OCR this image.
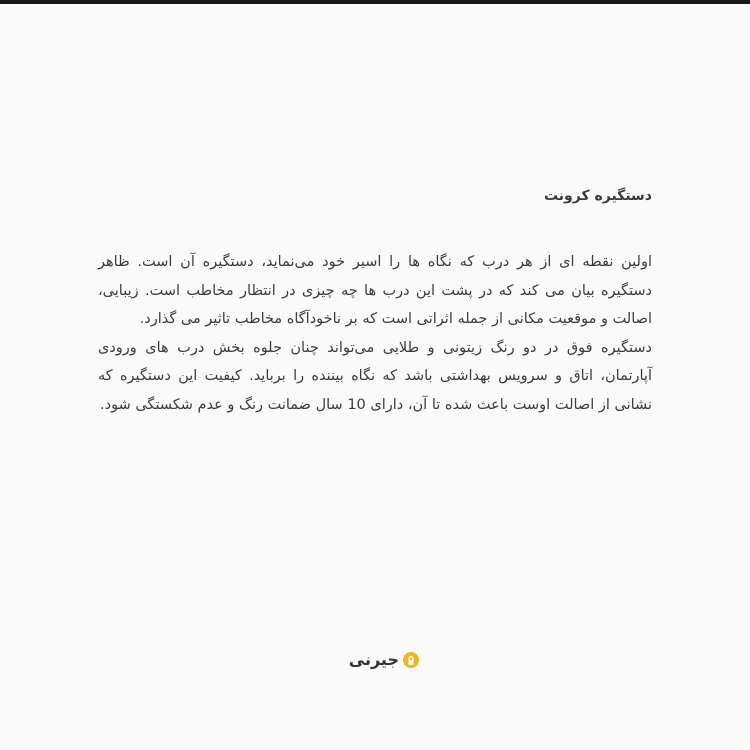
دستگیره کرونت

اولین نقطه ای از هر درب که نگاه ها را اسیر خود می‌نماید، دستگیره آن است. ظاهر دستگیره بیان می کند که در پشت این درب ها چه چیزی در انتظار مخاطب است. زیبایی، اصالت و موقعیت مکانی از جمله اثراتی است که بر ناخودآگاه مخاطب تاثیر می گذارد.

دستگیره فوق در دو رنگ زیتونی و طلایی می‌تواند چنان جلوه بخش درب های ورودی آپارتمان، اتاق و سرویس بهداشتی باشد که نگاه بیننده را برباید. کیفیت این دستگیره که نشانی از اصالت اوست باعث شده تا آن، دارای 10 سال ضمانت رنگ و عدم شکستگی شود.

جیرنی
